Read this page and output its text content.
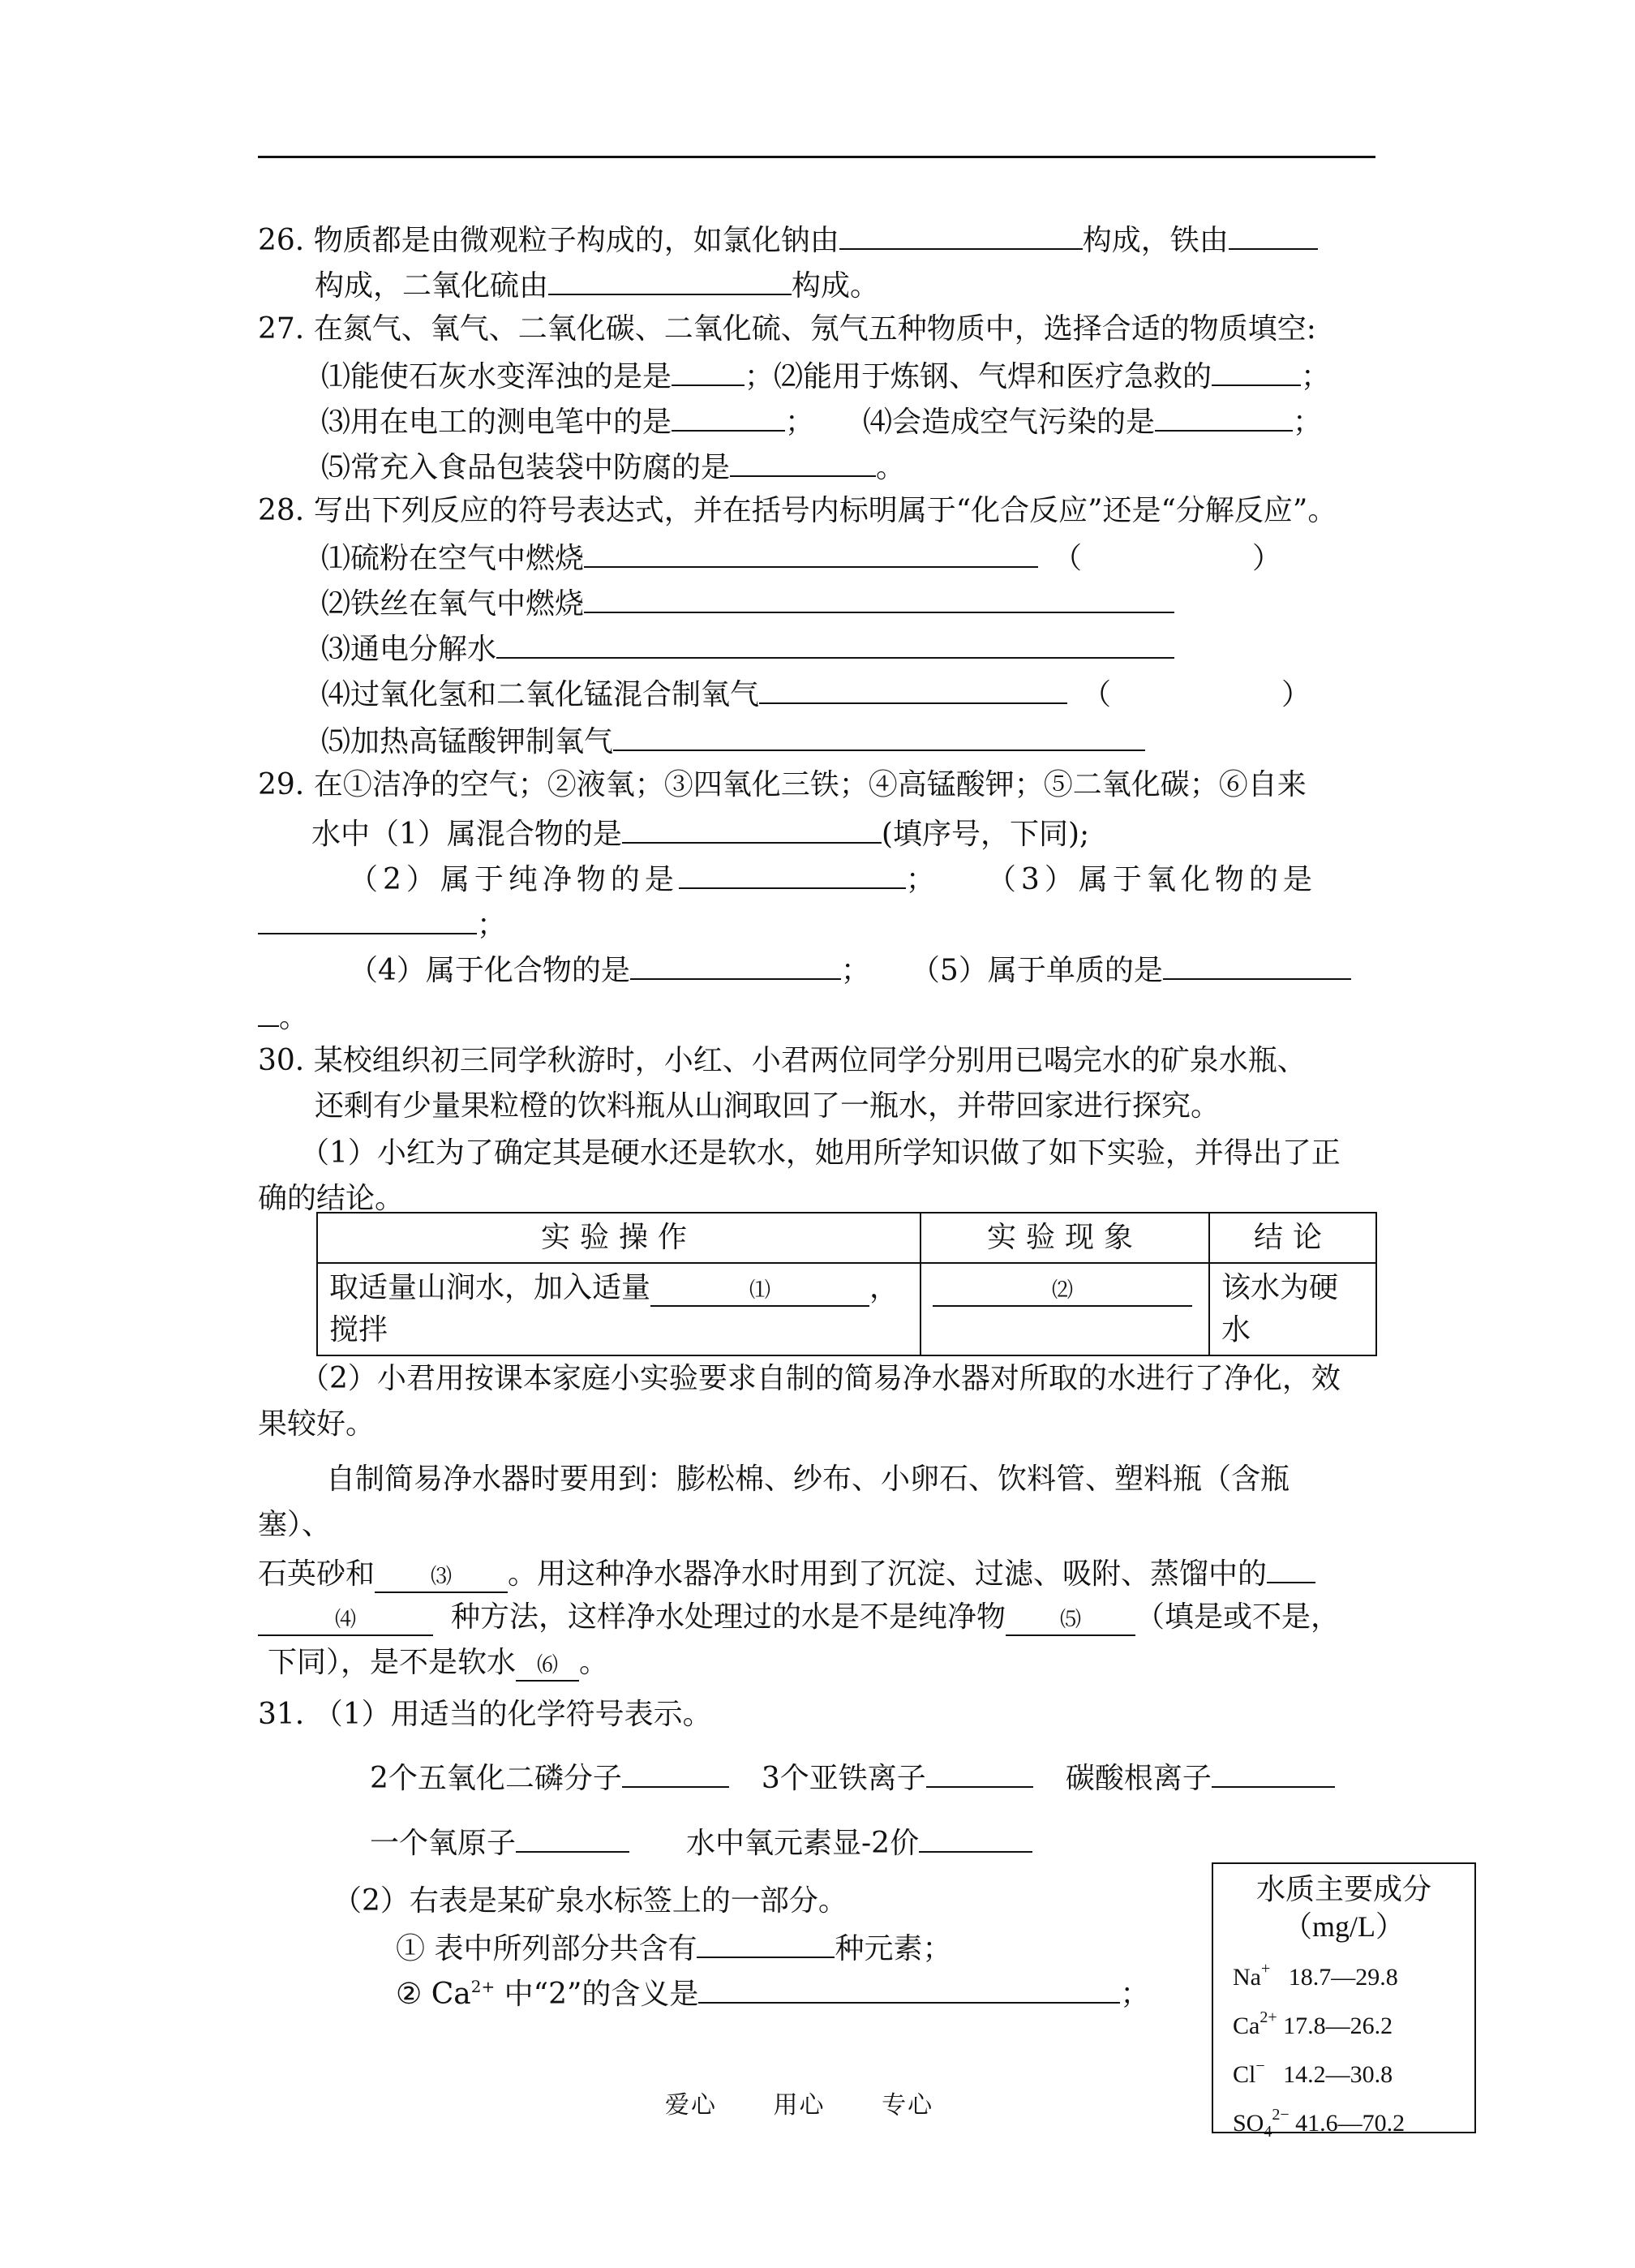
26. 物质都是由微观粒子构成的，如氯化钠由	构成，铁由
构成，二氧化硫由	构成。
27. 在氮气、氧气、二氧化碳、二氧化硫、氖气五种物质中，选择合适的物质填空:
⑴能使石灰水变浑浊的是是	；⑵能用于炼钢、气焊和医疗急救的	；
⑶用在电工的测电笔中的是	； ⑷会造成空气污染的是	；
⑸常充入食品包装袋中防腐的是	。
28. 写出下列反应的符号表达式，并在括号内标明属于“化合反应”还是“分解反应”。
⑴硫粉在空气中燃烧	（	）
⑵铁丝在氧气中燃烧
⑶通电分解水
⑷过氧化氢和二氧化锰混合制氧气	（	）
⑸加热高锰酸钾制氧气
29. 在①洁净的空气；②液氧；③四氧化三铁；④高锰酸钾；⑤二氧化碳；⑥自来
水中（1）属混合物的是	(填序号，下同);
（2）属于纯净物的是	； （3）属于氧化物的是
；
（4）属于化合物的是	； （5）属于单质的是
。
30. 某校组织初三同学秋游时，小红、小君两位同学分别用已喝完水的矿泉水瓶、
还剩有少量果粒橙的饮料瓶从山涧取回了一瓶水，并带回家进行探究。
（1）小红为了确定其是硬水还是软水，她用所学知识做了如下实验，并得出了正
确的结论。
实验操作	实验现象	结论
取适量山涧水，加入适量 ⑴ ，
搅拌	⑵	该水为硬
水
（2）小君用按课本家庭小实验要求自制的简易净水器对所取的水进行了净化，效
果较好。
自制简易净水器时要用到：膨松棉、纱布、小卵石、饮料管、塑料瓶（含瓶
塞）、
石英砂和	⑶ 。用这种净水器净水时用到了沉淀、过滤、吸附、蒸馏中的
⑷	种方法，这样净水处理过的水是不是纯净物	⑸ （填是或不是，
下同），是不是软水 ⑹ 。
31. （1）用适当的化学符号表示。
2个五氧化二磷分子	3个亚铁离子	碳酸根离子
一个氧原子	水中氧元素显-2价
（2）右表是某矿泉水标签上的一部分。
① 表中所列部分共含有	种元素；
② $Ca^{2+}$ 中“2”的含义是	；
水质主要成分
（mg/L）
Na+ 18.7—29.8
$Ca^{2+}$ 17.8—26.2
Cl− 14.2—30.8
$SO_4^{2-}$ 41.6—70.2
爱心 用心 专心
